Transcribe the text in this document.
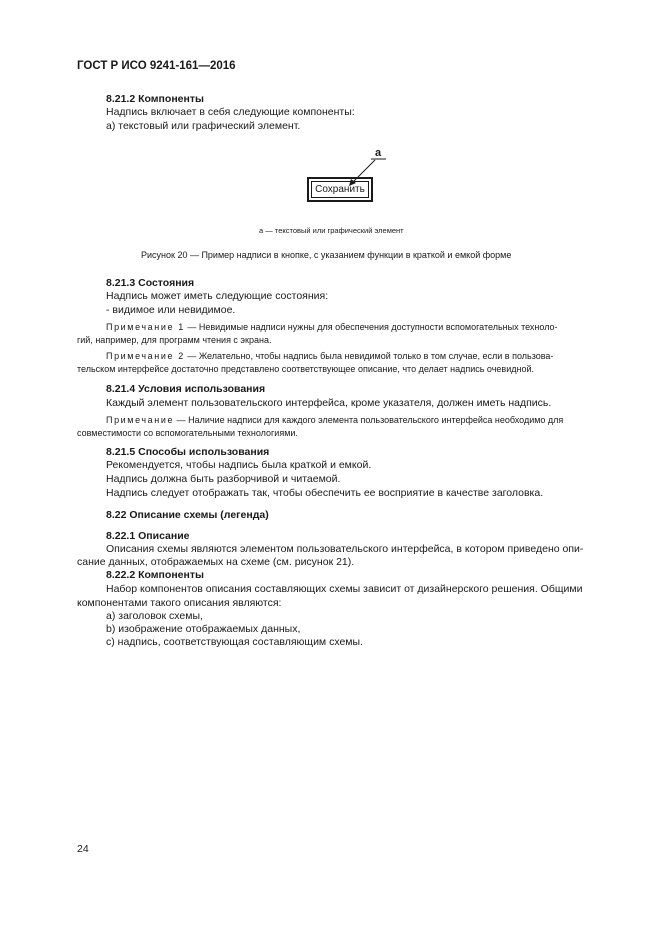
ГОСТ Р ИСО 9241-161—2016
8.21.2 Компоненты
Надпись включает в себя следующие компоненты:
a) текстовый или графический элемент.
a
Сохранить
a — текстовый или графический элемент
Рисунок 20 — Пример надписи в кнопке, с указанием функции в краткой и емкой форме
8.21.3 Состояния
Надпись может иметь следующие состояния:
- видимое или невидимое.
Примечание 1 — Невидимые надписи нужны для обеспечения доступности вспомогательных техноло-
гий, например, для программ чтения с экрана.
Примечание 2 — Желательно, чтобы надпись была невидимой только в том случае, если в пользова-
тельском интерфейсе достаточно представлено соответствующее описание, что делает надпись очевидной.
8.21.4 Условия использования
Каждый элемент пользовательского интерфейса, кроме указателя, должен иметь надпись.
Примечание — Наличие надписи для каждого элемента пользовательского интерфейса необходимо для
совместимости со вспомогательными технологиями.
8.21.5 Способы использования
Рекомендуется, чтобы надпись была краткой и емкой.
Надпись должна быть разборчивой и читаемой.
Надпись следует отображать так, чтобы обеспечить ее восприятие в качестве заголовка.
8.22 Описание схемы (легенда)
8.22.1 Описание
Описания схемы являются элементом пользовательского интерфейса, в котором приведено опи-
сание данных, отображаемых на схеме (см. рисунок 21).
8.22.2 Компоненты
Набор компонентов описания составляющих схемы зависит от дизайнерского решения. Общими
компонентами такого описания являются:
a) заголовок схемы,
b) изображение отображаемых данных,
c) надпись, соответствующая составляющим схемы.
24
